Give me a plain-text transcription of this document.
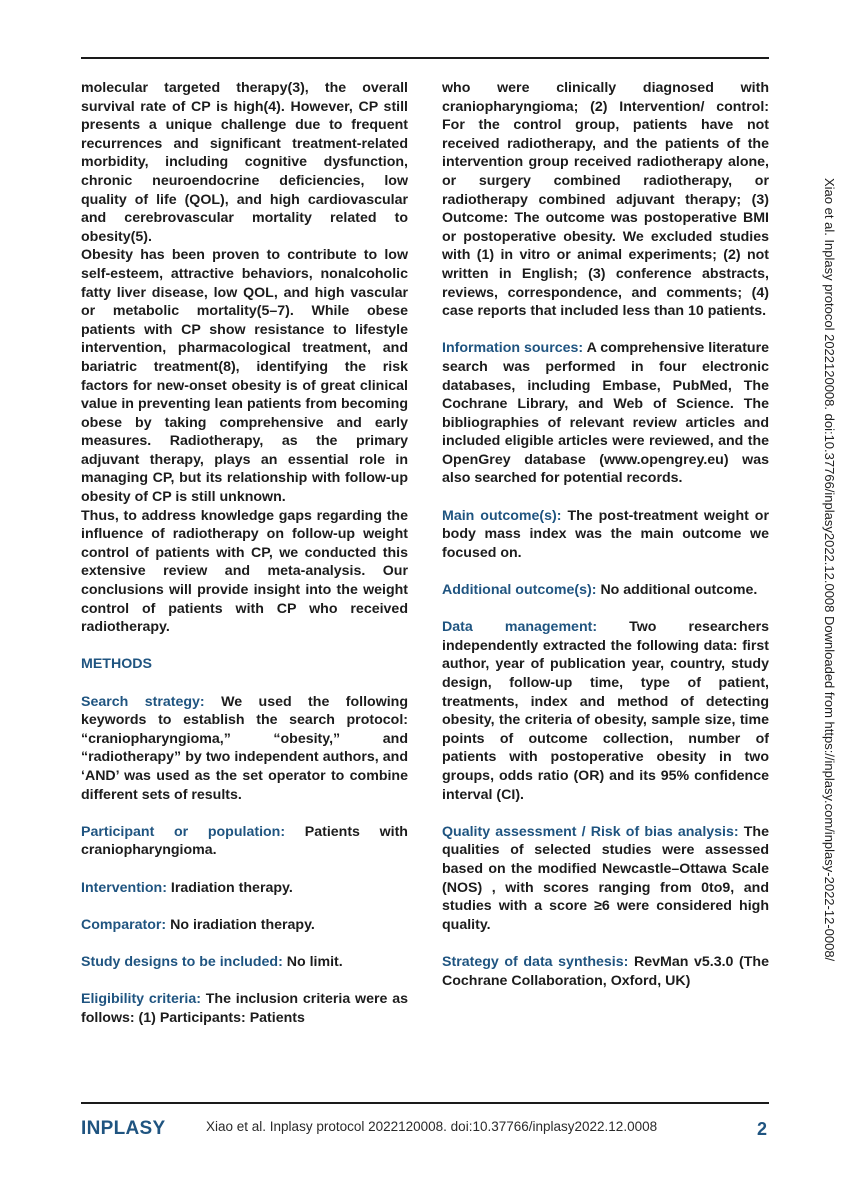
molecular targeted therapy(3), the overall survival rate of CP is high(4). However, CP still presents a unique challenge due to frequent recurrences and significant treatment-related morbidity, including cognitive dysfunction, chronic neuroendocrine deficiencies, low quality of life (QOL), and high cardiovascular and cerebrovascular mortality related to obesity(5).

Obesity has been proven to contribute to low self-esteem, attractive behaviors, nonalcoholic fatty liver disease, low QOL, and high vascular or metabolic mortality(5–7). While obese patients with CP show resistance to lifestyle intervention, pharmacological treatment, and bariatric treatment(8), identifying the risk factors for new-onset obesity is of great clinical value in preventing lean patients from becoming obese by taking comprehensive and early measures. Radiotherapy, as the primary adjuvant therapy, plays an essential role in managing CP, but its relationship with follow-up obesity of CP is still unknown.

Thus, to address knowledge gaps regarding the influence of radiotherapy on follow-up weight control of patients with CP, we conducted this extensive review and meta-analysis. Our conclusions will provide insight into the weight control of patients with CP who received radiotherapy.

METHODS

Search strategy: We used the following keywords to establish the search protocol: “craniopharyngioma,” “obesity,” and “radiotherapy” by two independent authors, and ‘AND’ was used as the set operator to combine different sets of results.

Participant or population: Patients with craniopharyngioma.

Intervention: Iradiation therapy.

Comparator: No iradiation therapy.

Study designs to be included: No limit.

Eligibility criteria: The inclusion criteria were as follows: (1) Participants: Patients

who were clinically diagnosed with craniopharyngioma; (2) Intervention/ control: For the control group, patients have not received radiotherapy, and the patients of the intervention group received radiotherapy alone, or surgery combined radiotherapy, or radiotherapy combined adjuvant therapy; (3) Outcome: The outcome was postoperative BMI or postoperative obesity. We excluded studies with (1) in vitro or animal experiments; (2) not written in English; (3) conference abstracts, reviews, correspondence, and comments; (4) case reports that included less than 10 patients.

Information sources: A comprehensive literature search was performed in four electronic databases, including Embase, PubMed, The Cochrane Library, and Web of Science. The bibliographies of relevant review articles and included eligible articles were reviewed, and the OpenGrey database (www.opengrey.eu) was also searched for potential records.

Main outcome(s): The post-treatment weight or body mass index was the main outcome we focused on.

Additional outcome(s): No additional outcome.

Data management: Two researchers independently extracted the following data: first author, year of publication year, country, study design, follow-up time, type of patient, treatments, index and method of detecting obesity, the criteria of obesity, sample size, time points of outcome collection, number of patients with postoperative obesity in two groups, odds ratio (OR) and its 95% confidence interval (CI).

Quality assessment / Risk of bias analysis: The qualities of selected studies were assessed based on the modified Newcastle–Ottawa Scale (NOS) , with scores ranging from 0to9, and studies with a score ≥6 were considered high quality.

Strategy of data synthesis: RevMan v5.3.0 (The Cochrane Collaboration, Oxford, UK)

Xiao et al. Inplasy protocol 2022120008. doi:10.37766/inplasy2022.12.0008 Downloaded from https://inplasy.com/inplasy-2022-12-0008/
INPLASY	Xiao et al. Inplasy protocol 2022120008. doi:10.37766/inplasy2022.12.0008	2
